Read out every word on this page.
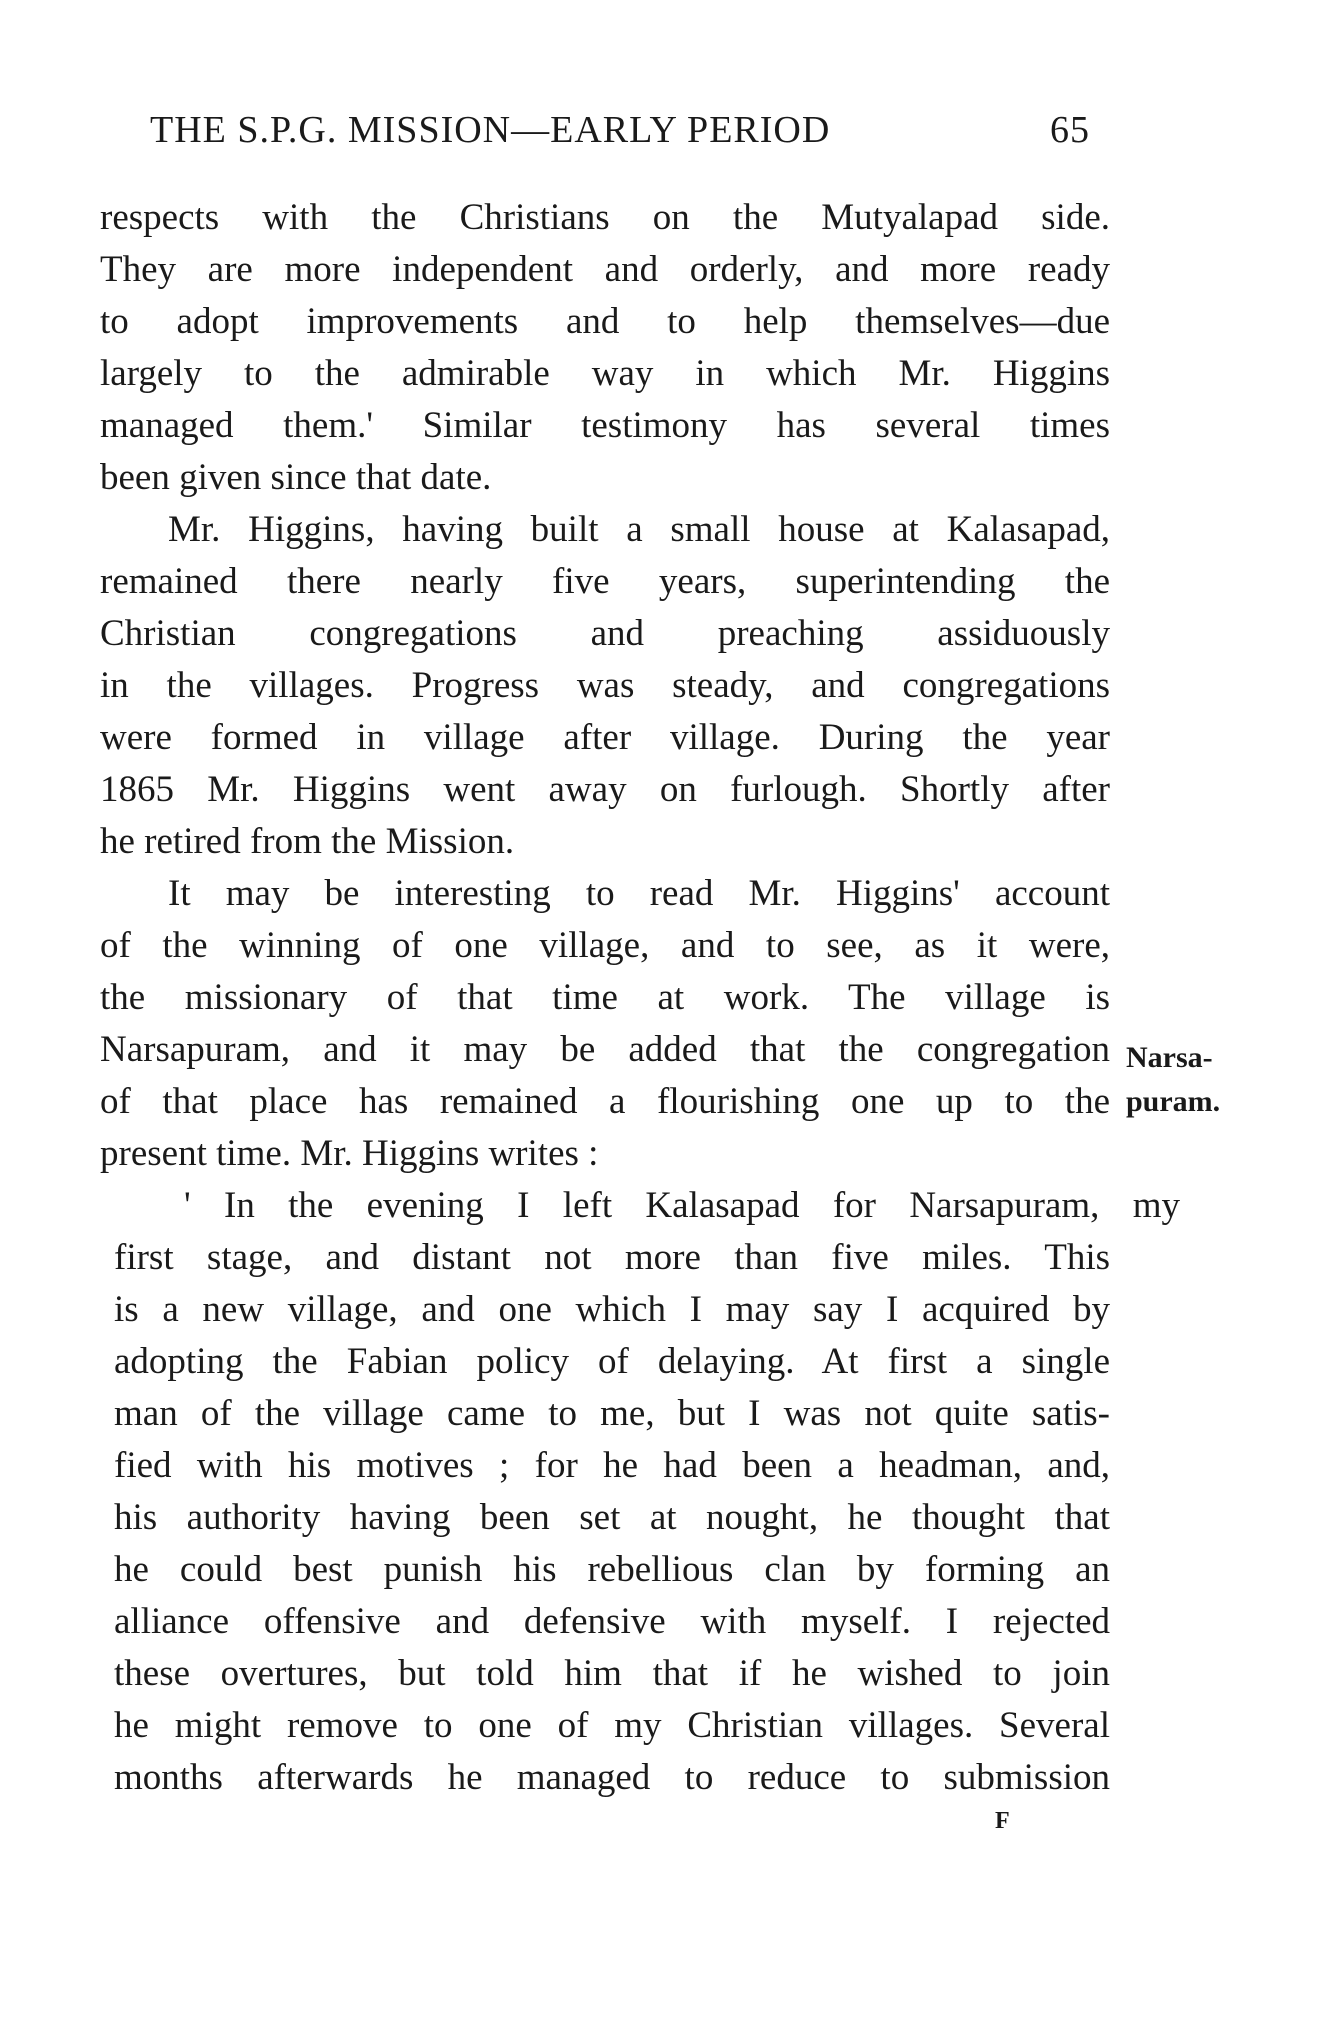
THE S.P.G. MISSION—EARLY PERIOD	65
respects with the Christians on the Mutyalapad side.
They are more independent and orderly, and more ready
to adopt improvements and to help themselves—due
largely to the admirable way in which Mr. Higgins
managed them.' Similar testimony has several times
been given since that date.
Mr. Higgins, having built a small house at Kalasapad,
remained there nearly five years, superintending the
Christian congregations and preaching assiduously
in the villages. Progress was steady, and congregations
were formed in village after village. During the year
1865 Mr. Higgins went away on furlough. Shortly after
he retired from the Mission.
It may be interesting to read Mr. Higgins' account
of the winning of one village, and to see, as it were,
the missionary of that time at work. The village is
Narsapuram, and it may be added that the congregation
of that place has remained a flourishing one up to the
present time. Mr. Higgins writes :
' In the evening I left Kalasapad for Narsapuram, my
first stage, and distant not more than five miles. This
is a new village, and one which I may say I acquired by
adopting the Fabian policy of delaying. At first a single
man of the village came to me, but I was not quite satis-
fied with his motives ; for he had been a headman, and,
his authority having been set at nought, he thought that
he could best punish his rebellious clan by forming an
alliance offensive and defensive with myself. I rejected
these overtures, but told him that if he wished to join
he might remove to one of my Christian villages. Several
months afterwards he managed to reduce to submission
Narsa-
puram.
F
